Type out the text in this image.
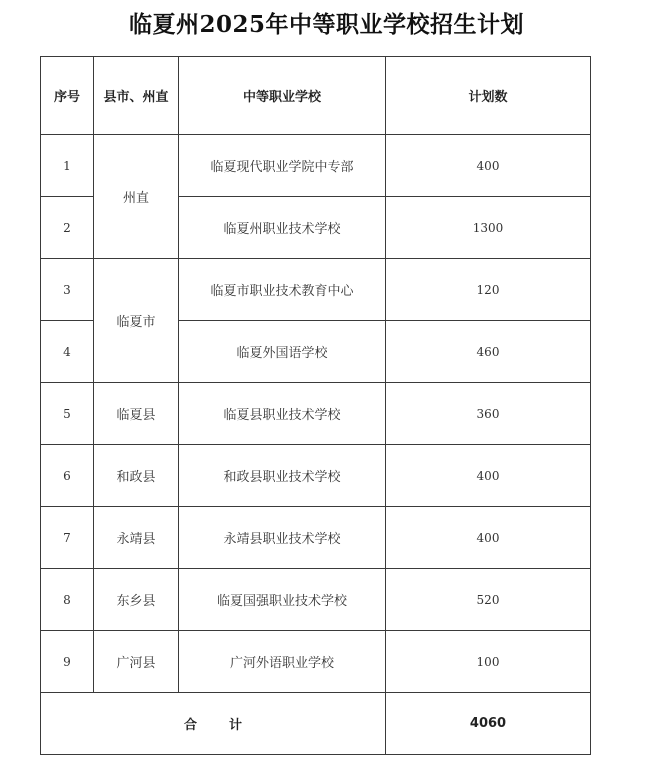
临夏州2025年中等职业学校招生计划
序号	县市、州直	中等职业学校	计划数
1	州直	临夏现代职业学院中专部	400
2		临夏州职业技术学校	1300
3	临夏市	临夏市职业技术教育中心	120
4		临夏外国语学校	460
5	临夏县	临夏县职业技术学校	360
6	和政县	和政县职业技术学校	400
7	永靖县	永靖县职业技术学校	400
8	东乡县	临夏国强职业技术学校	520
9	广河县	广河外语职业学校	100
合计			4060
